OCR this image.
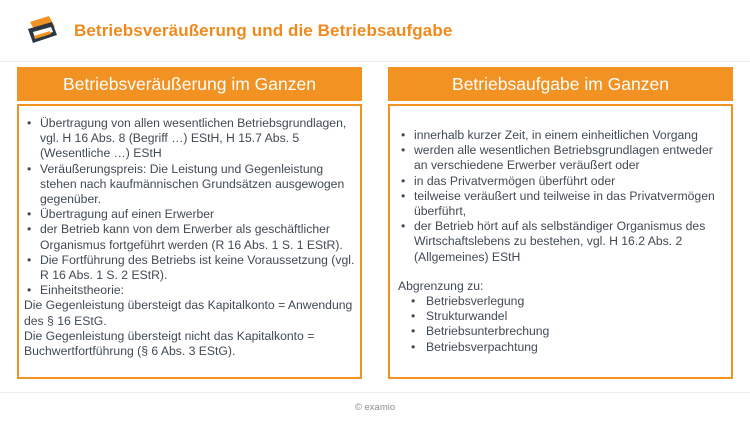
Betriebsveräußerung und die Betriebsaufgabe
Betriebsveräußerung im Ganzen	Betriebsaufgabe im Ganzen
• Übertragung von allen wesentlichen Betriebsgrundlagen, vgl. H 16 Abs. 8 (Begriff …) EStH, H 15.7 Abs. 5 (Wesentliche …) EStH
• Veräußerungspreis: Die Leistung und Gegenleistung stehen nach kaufmännischen Grundsätzen ausgewogen gegenüber.
• Übertragung auf einen Erwerber
• der Betrieb kann von dem Erwerber als geschäftlicher Organismus fortgeführt werden (R 16 Abs. 1 S. 1 EStR).
• Die Fortführung des Betriebs ist keine Voraussetzung (vgl. R 16 Abs. 1 S. 2 EStR).
• Einheitstheorie:
Die Gegenleistung übersteigt das Kapitalkonto = Anwendung des § 16 EStG.
Die Gegenleistung übersteigt nicht das Kapitalkonto = Buchwertfortführung (§ 6 Abs. 3 EStG).
• innerhalb kurzer Zeit, in einem einheitlichen Vorgang
• werden alle wesentlichen Betriebsgrundlagen entweder an verschiedene Erwerber veräußert oder
• in das Privatvermögen überführt oder
• teilweise veräußert und teilweise in das Privatvermögen überführt,
• der Betrieb hört auf als selbständiger Organismus des Wirtschaftslebens zu bestehen, vgl. H 16.2 Abs. 2 (Allgemeines) EStH
Abgrenzung zu:
• Betriebsverlegung
• Strukturwandel
• Betriebsunterbrechung
• Betriebsverpachtung
© examio
